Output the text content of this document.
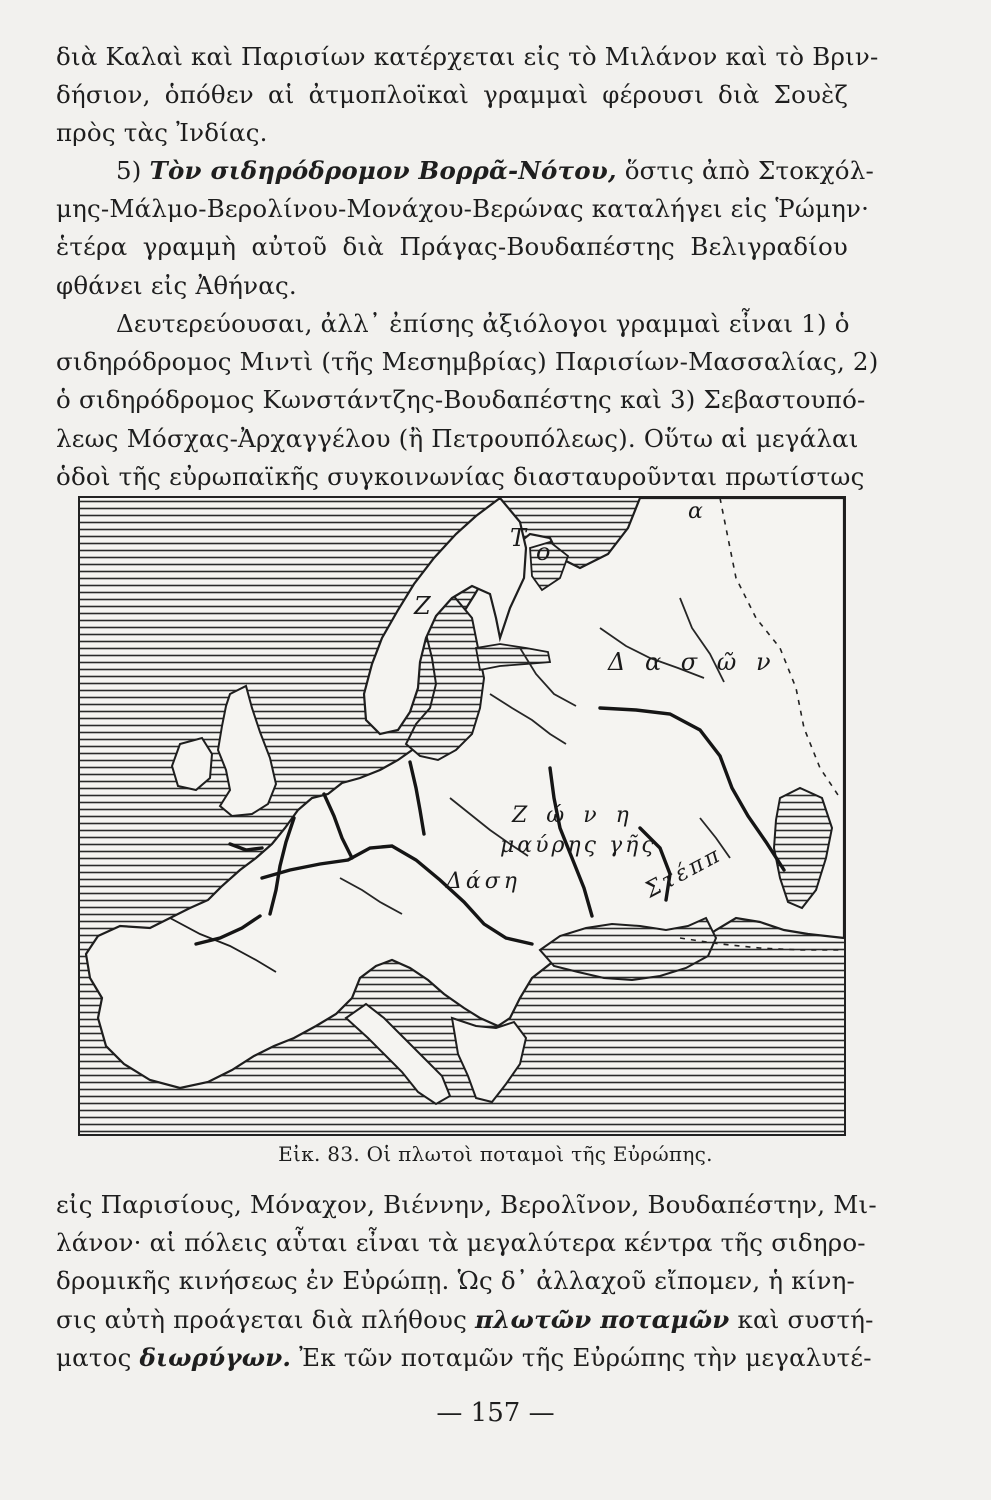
διὰ Καλαὶ καὶ Παρισίων κατέρχεται εἰς τὸ Μιλάνον καὶ τὸ Βριν-
δήσιον, ὁπόθεν αἱ ἀτμοπλοϊκαὶ γραμμαὶ φέρουσι διὰ Σουὲζ
πρὸς τὰς Ἰνδίας.
5) Τὸν σιδηρόδρομον Βορρᾶ-Νότου, ὅστις ἀπὸ Στοκχόλ-
μης-Μάλμο-Βερολίνου-Μονάχου-Βερώνας καταλήγει εἰς Ῥώμην·
ἑτέρα γραμμὴ αὐτοῦ διὰ Πράγας-Βουδαπέστης Βελιγραδίου
φθάνει εἰς Ἀθήνας.
Δευτερεύουσαι, ἀλλ᾿ ἐπίσης ἀξιόλογοι γραμμαὶ εἶναι 1) ὁ
σιδηρόδρομος Μιντὶ (τῆς Μεσημβρίας) Παρισίων-Μασσαλίας, 2)
ὁ σιδηρόδρομος Κωνστάντζης-Βουδαπέστης καὶ 3) Σεβαστουπό-
λεως Μόσχας-Ἀρχαγγέλου (ἢ Πετρουπόλεως). Οὕτω αἱ μεγάλαι
ὁδοὶ τῆς εὐρωπαϊκῆς συγκοινωνίας διασταυροῦνται πρωτίστως
Τ ο
α
Ζ
Δ α σ ῶ ν
Ζ ώ ν η
μαύρης γῆς
Δάση	Στέππ
Εἰκ. 83. Οἱ πλωτοὶ ποταμοὶ τῆς Εὐρώπης.
εἰς Παρισίους, Μόναχον, Βιέννην, Βερολῖνον, Βουδαπέστην, Μι-
λάνον· αἱ πόλεις αὗται εἶναι τὰ μεγαλύτερα κέντρα τῆς σιδηρο-
δρομικῆς κινήσεως ἐν Εὐρώπῃ. Ὡς δ᾿ ἀλλαχοῦ εἴπομεν, ἡ κίνη-
σις αὐτὴ προάγεται διὰ πλήθους πλωτῶν ποταμῶν καὶ συστή-
ματος διωρύγων. Ἐκ τῶν ποταμῶν τῆς Εὐρώπης τὴν μεγαλυτέ-
— 157 —
